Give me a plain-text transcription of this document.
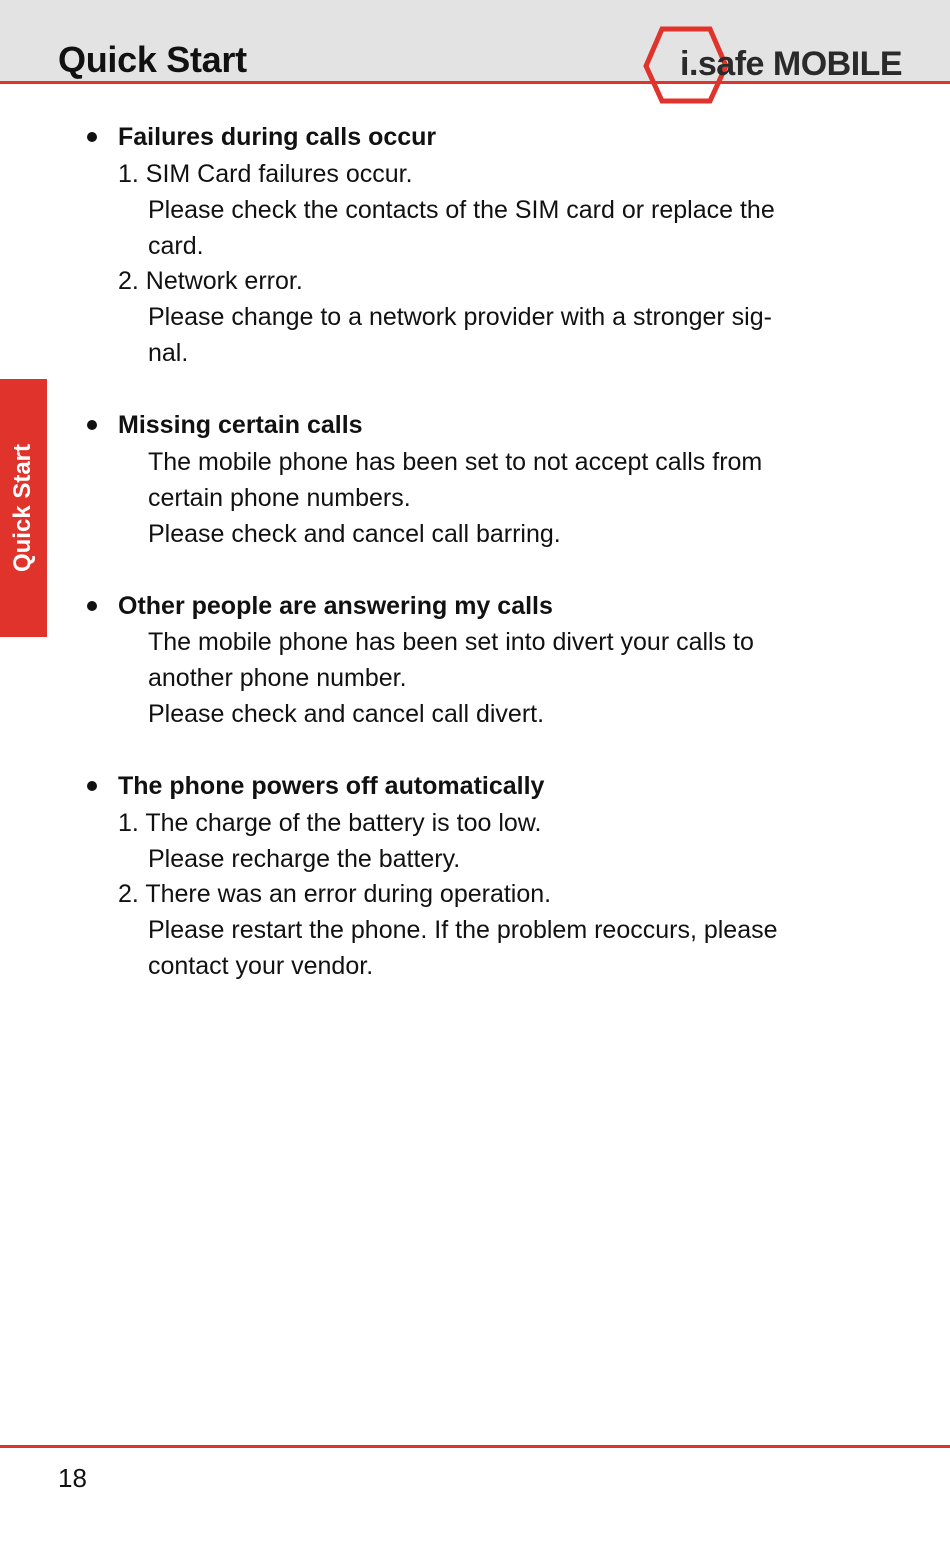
Quick Start	i.safe MOBILE
Quick Start
Failures during calls occur
1. SIM Card failures occur.
Please check the contacts of the SIM card or replace the
card.
2. Network error.
Please change to a network provider with a stronger sig-
nal.
Missing certain calls
The mobile phone has been set to not accept calls from
certain phone numbers.
Please check and cancel call barring.
Other people are answering my calls
The mobile phone has been set into divert your calls to
another phone number.
Please check and cancel call divert.
The phone powers off automatically
1. The charge of the battery is too low.
Please recharge the battery.
2. There was an error during operation.
Please restart the phone. If the problem reoccurs, please
contact your vendor.
18
